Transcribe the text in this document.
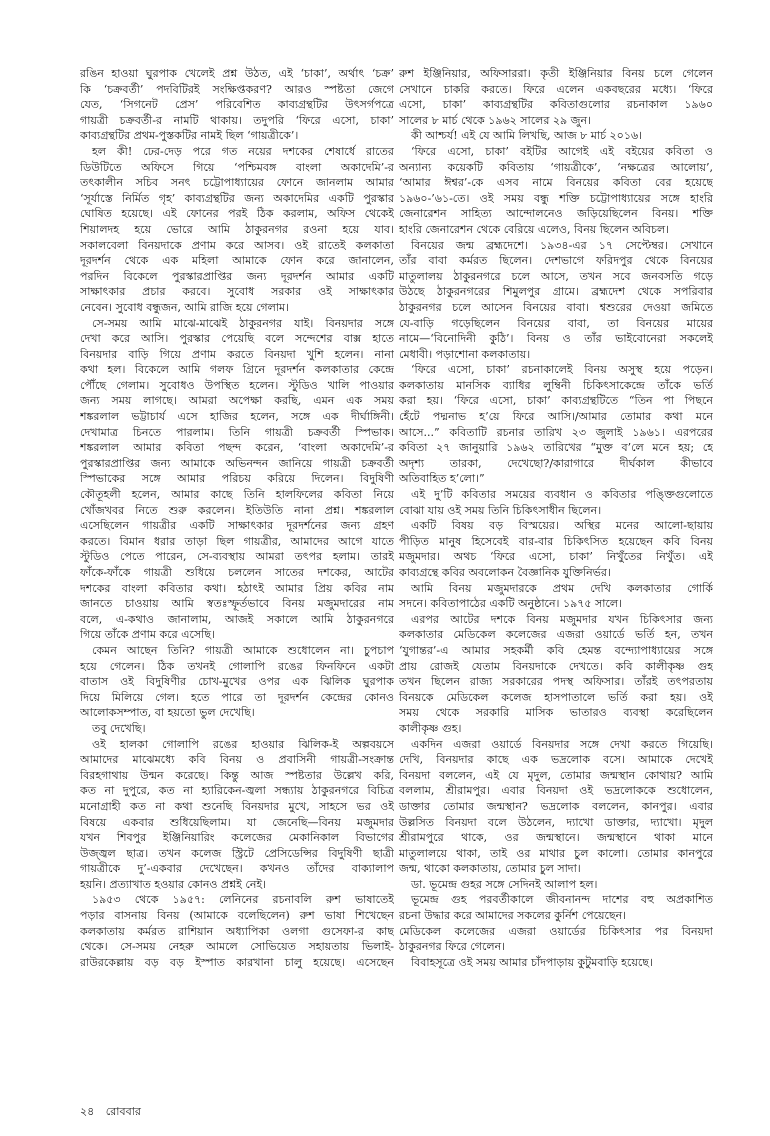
রঙিন হাওয়া ঘুরপাক খেলেই প্রশ্ন উঠত, এই ‘চাকা’, অর্থাৎ ‘চক্র’
কি ‘চক্রবর্তী’ পদবিটিরই সংক্ষিপ্তকরণ? আরও স্পষ্টতা জেগে
যেত, ‘সিগনেট প্রেস’ পরিবেশিত কাব্যগ্রন্থটির উৎসর্গপত্রে
গায়ত্রী চক্রবর্তী-র নামটি থাকায়। তদুপরি ‘ফিরে এসো, চাকা’
কাব্যগ্রন্থটির প্রথম-পুস্তকটির নামই ছিল ‘গায়ত্রীকে’।
হল কী! ঢের-দেড় পরে গত নয়ের দশকের শেষার্ধে রাতের
ডিউটিতে অফিসে গিয়ে ‘পশ্চিমবঙ্গ বাংলা অকাদেমি’-র
তৎকালীন সচিব সনৎ চট্টোপাধ্যায়ের ফোনে জানলাম আমার
‘সূর্যাস্তে নির্মিত গৃহ’ কাব্যগ্রন্থটির জন্য অকাদেমির একটি পুরস্কার
ঘোষিত হয়েছে। এই ফোনের পরই ঠিক করলাম, অফিস থেকেই
শিয়ালদহ হয়ে ভোরে আমি ঠাকুরনগর রওনা হয়ে যাব।
সকালবেলা বিনয়দাকে প্রণাম করে আসব। ওই রাতেই কলকাতা
দূরদর্শন থেকে এক মহিলা আমাকে ফোন করে জানালেন,
পরদিন বিকেলে পুরস্কারপ্রাপ্তির জন্য দূরদর্শন আমার একটি
সাক্ষাৎকার প্রচার করবে। সুবোধ সরকার ওই সাক্ষাৎকার
নেবেন। সুবোধ বন্ধুজন, আমি রাজি হয়ে গেলাম।
সে-সময় আমি মাঝে-মাঝেই ঠাকুরনগর যাই। বিনয়দার সঙ্গে
দেখা করে আসি। পুরস্কার পেয়েছি বলে সন্দেশের বাক্স হাতে
বিনয়দার বাড়ি গিয়ে প্রণাম করতে বিনয়দা খুশি হলেন। নানা
কথা হল। বিকেলে আমি গলফ গ্রিনে দূরদর্শন কলকাতার কেন্দ্রে
পৌঁছে গেলাম। সুবোধও উপস্থিত হলেন। স্টুডিও খালি পাওয়ার
জন্য সময় লাগছে। আমরা অপেক্ষা করছি, এমন এক সময়
শঙ্করলাল ভট্টাচার্য এসে হাজির হলেন, সঙ্গে এক দীর্ঘাঙ্গিনী।
দেখামাত্র চিনতে পারলাম। তিনি গায়ত্রী চক্রবর্তী স্পিভাক।
শঙ্করলাল আমার কবিতা পছন্দ করেন, ‘বাংলা অকাদেমি’-র
পুরস্কারপ্রাপ্তির জন্য আমাকে অভিনন্দন জানিয়ে গায়ত্রী চক্রবর্তী
স্পিভাকের সঙ্গে আমার পরিচয় করিয়ে দিলেন। বিদুষিণী
কৌতূহলী হলেন, আমার কাছে তিনি হালফিলের কবিতা নিয়ে
খোঁজখবর নিতে শুরু করলেন। ইতিউতি নানা প্রশ্ন। শঙ্করলাল
এসেছিলেন গায়ত্রীর একটি সাক্ষাৎকার দূরদর্শনের জন্য গ্রহণ
করতে। বিমান ধরার তাড়া ছিল গায়ত্রীর, আমাদের আগে যাতে
স্টুডিও পেতে পারেন, সে-ব্যবস্থায় আমরা তৎপর হলাম। তারই
ফাঁকে-ফাঁকে গায়ত্রী শুধিয়ে চললেন সাতের দশকের, আটের
দশকের বাংলা কবিতার কথা। হঠাৎই আমার প্রিয় কবির নাম
জানতে চাওয়ায় আমি স্বতঃস্ফূর্তভাবে বিনয় মজুমদারের নাম
বলে, এ-কথাও জানালাম, আজই সকালে আমি ঠাকুরনগরে
গিয়ে তাঁকে প্রণাম করে এসেছি।
কেমন আছেন তিনি? গায়ত্রী আমাকে শুধোলেন না। চুপচাপ
হয়ে গেলেন। ঠিক তখনই গোলাপি রঙের ফিনফিনে একটা
বাতাস ওই বিদুষিণীর চোখ-মুখের ওপর এক ঝিলিক ঘুরপাক
দিয়ে মিলিয়ে গেল। হতে পারে তা দূরদর্শন কেন্দ্রের কোনও
আলোকসম্পাত, বা হয়তো ভুল দেখেছি।
তবু দেখেছি।
ওই হালকা গোলাপি রঙের হাওয়ার ঝিলিক-ই অল্পবয়সে
আমাদের মাঝেমধ্যে কবি বিনয় ও প্রবাসিনী গায়ত্রী-সংক্রান্ত
বিরহগাথায় উন্মন করেছে। কিন্তু আজ স্পষ্টতার উল্লেখ করি,
কত না দুপুরে, কত না হ্যারিকেন-জ্বলা সন্ধ্যায় ঠাকুরনগরে বিচিত্র
মনোগ্রাহী কত না কথা শুনেছি বিনয়দার মুখে, সাহসে ভর ওই
বিষয়ে একবার শুধিয়েছিলাম। যা জেনেছি—বিনয় মজুমদার
যখন শিবপুর ইঞ্জিনিয়ারিং কলেজের মেকানিকাল বিভাগের
উজ্জ্বল ছাত্র। তখন কলেজ স্ট্রিটে প্রেসিডেন্সির বিদুষিণী ছাত্রী
গায়ত্রীকে দু’-একবার দেখেছেন। কখনও তাঁদের বাক্যালাপ
হয়নি। প্রত্যাখাত হওয়ার কোনও প্রশ্নই নেই।
১৯৫৩ থেকে ১৯৫৭: লেনিনের রচনাবলি রুশ ভাষাতেই
পড়ার বাসনায় বিনয় (আমাকে বলেছিলেন) রুশ ভাষা শিখেছেন
কলকাতায় কর্মরত রাশিয়ান অধ্যাপিকা ওলগা গুসেফা-র কাছ
থেকে। সে-সময় নেহরু আমলে সোভিয়েত সহায়তায় ভিলাই-
রাউরকেল্লায় বড় বড় ইস্পাত কারখানা চালু হয়েছে। এসেছেন
রুশ ইঞ্জিনিয়ার, অফিসাররা। কৃতী ইঞ্জিনিয়ার বিনয় চলে গেলেন
সেখানে চাকরি করতে। ফিরে এলেন একবছরের মধ্যে। ‘ফিরে
এসো, চাকা’ কাব্যগ্রন্থটির কবিতাগুলোর রচনাকাল ১৯৬০
সালের ৮ মার্চ থেকে ১৯৬২ সালের ২৯ জুন।
কী আশ্চর্য! এই যে আমি লিখছি, আজ ৮ মার্চ ২০১৬।
‘ফিরে এসো, চাকা’ বইটির আগেই এই বইয়ের কবিতা ও
অন্যান্য কয়েকটি কবিতায় ‘গায়ত্রীকে’, ‘নক্ষত্রের আলোয়’,
‘আমার ঈশ্বর’-কে এসব নামে বিনয়ের কবিতা বের হয়েছে
১৯৬০-’৬১-তে। ওই সময় বন্ধু শক্তি চট্টোপাধ্যায়ের সঙ্গে হাংরি
জেনারেশন সাহিত্য আন্দোলনেও জড়িয়েছিলেন বিনয়। শক্তি
হাংরি জেনারেশন থেকে বেরিয়ে এলেও, বিনয় ছিলেন অবিচল।
বিনয়ের জন্ম ব্রহ্মদেশে। ১৯৩৪-এর ১৭ সেপ্টেম্বর। সেখানে
তাঁর বাবা কর্মরত ছিলেন। দেশভাগে ফরিদপুর থেকে বিনয়ের
মাতুলালয় ঠাকুরনগরে চলে আসে, তখন সবে জনবসতি গড়ে
উঠছে ঠাকুরনগরের শিমুলপুর গ্রামে। ব্রহ্মদেশ থেকে সপরিবার
ঠাকুরনগর চলে আসেন বিনয়ের বাবা। শ্বশুরের দেওয়া জমিতে
যে-বাড়ি গড়েছিলেন বিনয়ের বাবা, তা বিনয়ের মায়ের
নামে—‘বিনোদিনী কুঠি’। বিনয় ও তাঁর ভাইবোনেরা সকলেই
মেধাবী। পড়াশোনা কলকাতায়।
‘ফিরে এসো, চাকা’ রচনাকালেই বিনয় অসুস্থ হয়ে পড়েন।
কলকাতায় মানসিক ব্যাধির লুম্বিনী চিকিৎসাকেন্দ্রে তাঁকে ভর্তি
করা হয়। ‘ফিরে এসো, চাকা’ কাব্যগ্রন্থটিতে “তিন পা পিছনে
হেঁটে পদ্মনাভ হ’য়ে ফিরে আসি।/আমার তোমার কথা মনে
আসে...” কবিতাটি রচনার তারিখ ২৩ জুলাই ১৯৬১। এরপরের
কবিতা ২৭ জানুয়ারি ১৯৬২ তারিখের “মুক্ত ব’লে মনে হয়; হে
অদৃশ্য তারকা, দেখেছো?/কারাগারে দীর্ঘকাল কীভাবে
অতিবাহিত হ’লো।”
এই দু’টি কবিতার সময়ের ব্যবধান ও কবিতার পঙ্ক্তিগুলোতে
বোঝা যায় ওই সময় তিনি চিকিৎসাধীন ছিলেন।
একটি বিষয় বড় বিস্ময়ের। অস্থির মনের আলো-ছায়ায়
পীড়িত মানুষ হিসেবেই বার-বার চিকিৎসিত হয়েছেন কবি বিনয়
মজুমদার। অথচ ‘ফিরে এসো, চাকা’ নিখুঁতের নিখুঁত। এই
কাব্যগ্রন্থে কবির অবলোকন বৈজ্ঞানিক যুক্তিনির্ভর।
আমি বিনয় মজুমদারকে প্রথম দেখি কলকাতার গোর্কি
সদনে। কবিতাপাঠের একটি অনুষ্ঠানে। ১৯৭৫ সালে।
এরপর আটের দশকে বিনয় মজুমদার যখন চিকিৎসার জন্য
কলকাতার মেডিকেল কলেজের এজরা ওয়ার্ডে ভর্তি হন, তখন
‘যুগান্তর’-এ আমার সহকর্মী কবি হেমন্ত বন্দ্যোপাধ্যায়ের সঙ্গে
প্রায় রোজই যেতাম বিনয়দাকে দেখতে। কবি কালীকৃষ্ণ গুহ
তখন ছিলেন রাজ্য সরকারের পদস্থ অফিসার। তাঁরই তৎপরতায়
বিনয়কে মেডিকেল কলেজ হাসপাতালে ভর্তি করা হয়। ওই
সময় থেকে সরকারি মাসিক ভাতারও ব্যবস্থা করেছিলেন
কালীকৃষ্ণ গুহ।
একদিন এজরা ওয়ার্ডে বিনয়দার সঙ্গে দেখা করতে গিয়েছি।
দেখি, বিনয়দার কাছে এক ভদ্রলোক বসে। আমাকে দেখেই
বিনয়দা বললেন, এই যে মৃদুল, তোমার জন্মস্থান কোথায়? আমি
বললাম, শ্রীরামপুর। এবার বিনয়দা ওই ভদ্রলোককে শুধোলেন,
ডাক্তার তোমার জন্মস্থান? ভদ্রলোক বললেন, কানপুর। এবার
উল্লসিত বিনয়দা বলে উঠলেন, দ্যাখো ডাক্তার, দ্যাখো। মৃদুল
শ্রীরামপুরে থাকে, ওর জন্মস্থানে। জন্মস্থানে থাকা মানে
মাতুলালয়ে থাকা, তাই ওর মাথার চুল কালো। তোমার কানপুরে
জন্ম, থাকো কলকাতায়, তোমার চুল সাদা।
ডা. ভূমেন্দ্র গুহর সঙ্গে সেদিনই আলাপ হল।
ভূমেন্দ্র গুহ পরবর্তীকালে জীবনানন্দ দাশের বহু অপ্রকাশিত
রচনা উদ্ধার করে আমাদের সকলের কুর্নিশ পেয়েছেন।
মেডিকেল কলেজের এজরা ওয়ার্ডের চিকিৎসার পর বিনয়দা
ঠাকুরনগর ফিরে গেলেন।
বিবাহসূত্রে ওই সময় আমার চাঁদপাড়ায় কুটুমবাড়ি হয়েছে।
২৪ রোববার
